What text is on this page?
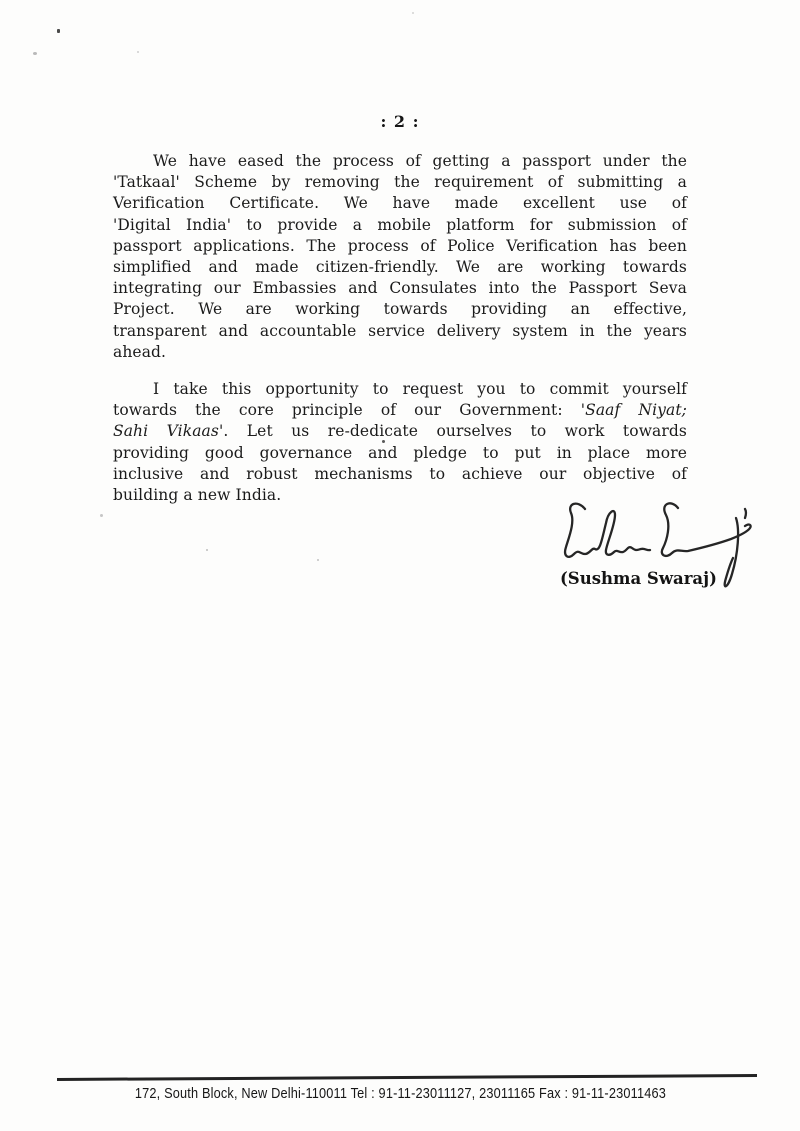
: 2 :
We have eased the process of getting a passport under the
'Tatkaal' Scheme by removing the requirement of submitting a
Verification Certificate. We have made excellent use of
'Digital India' to provide a mobile platform for submission of
passport applications. The process of Police Verification has been
simplified and made citizen-friendly. We are working towards
integrating our Embassies and Consulates into the Passport Seva
Project. We are working towards providing an effective,
transparent and accountable service delivery system in the years
ahead.
I take this opportunity to request you to commit yourself
towards the core principle of our Government: 'Saaf Niyat;
Sahi Vikaas'. Let us re-dedicate ourselves to work towards
providing good governance and pledge to put in place more
inclusive and robust mechanisms to achieve our objective of
building a new India.
(Sushma Swaraj)
172, South Block, New Delhi-110011 Tel : 91-11-23011127, 23011165 Fax : 91-11-23011463
